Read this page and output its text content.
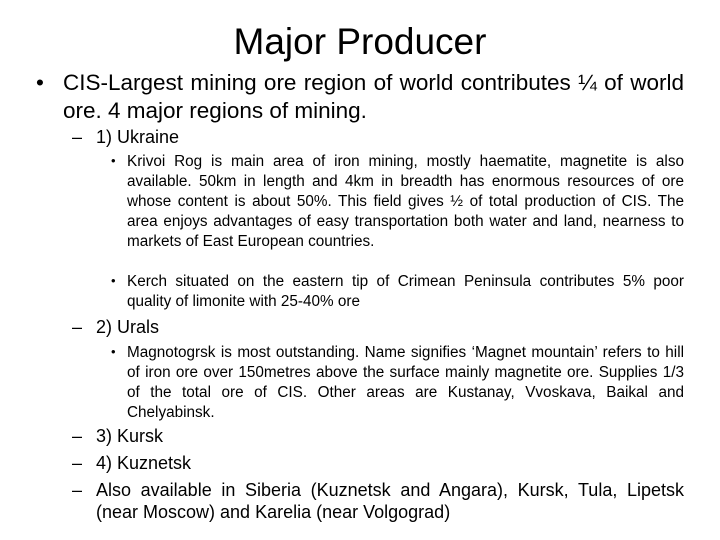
Major Producer
• CIS-Largest mining ore region of world contributes ¼ of world ore. 4 major regions of mining.
– 1) Ukraine
• Krivoi Rog is main area of iron mining, mostly haematite, magnetite is also available. 50km in length and 4km in breadth has enormous resources of ore whose content is about 50%. This field gives ½ of total production of CIS. The area enjoys advantages of easy transportation both water and land, nearness to markets of East European countries.
• Kerch situated on the eastern tip of Crimean Peninsula contributes 5% poor quality of limonite with 25-40% ore
– 2) Urals
• Magnotogrsk is most outstanding. Name signifies ‘Magnet mountain’ refers to hill of iron ore over 150metres above the surface mainly magnetite ore. Supplies 1/3 of the total ore of CIS. Other areas are Kustanay, Vvoskava, Baikal and Chelyabinsk.
– 3) Kursk
– 4) Kuznetsk
– Also available in Siberia (Kuznetsk and Angara), Kursk, Tula, Lipetsk (near Moscow) and Karelia (near Volgograd)
